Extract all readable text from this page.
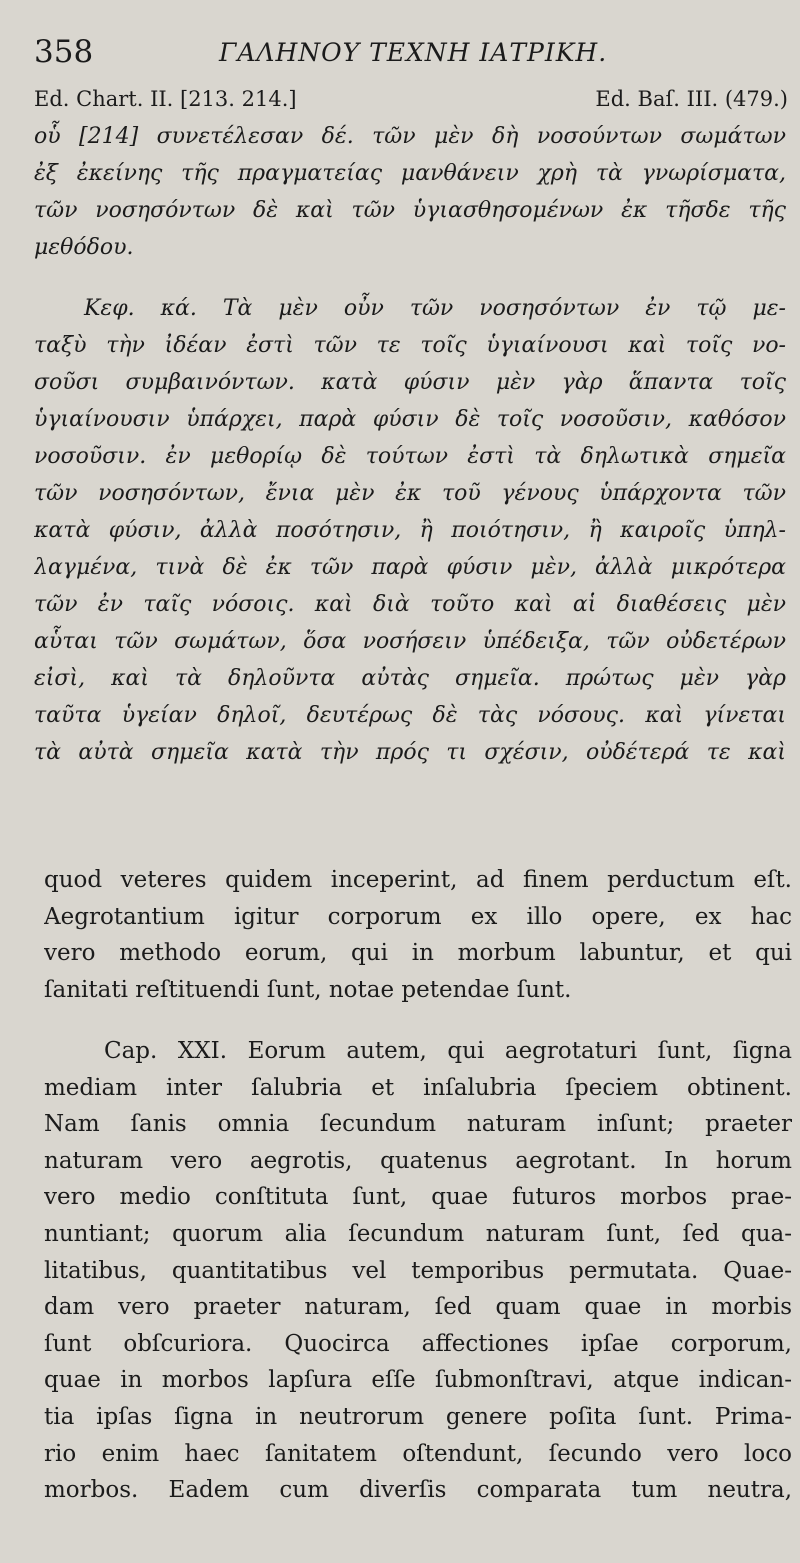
358	ΓΑΛΗΝΟΥ ΤΕΧΝΗ ΙΑΤΡΙΚΗ.
Ed. Chart. II. [213. 214.]	Ed. Baſ. III. (479.)
οὗ [214] συνετέλεσαν δέ. τῶν μὲν δὴ νοσούντων σωμάτων
ἐξ ἐκείνης τῆς πραγματείας μανθάνειν χρὴ τὰ γνωρίσματα,
τῶν νοσησόντων δὲ καὶ τῶν ὑγιασθησομένων ἐκ τῆσδε τῆς
μεθόδου.
Κεφ. κά. Τὰ μὲν οὖν τῶν νοσησόντων ἐν τῷ με-
ταξὺ τὴν ἰδέαν ἐστὶ τῶν τε τοῖς ὑγιαίνουσι καὶ τοῖς νο-
σοῦσι συμβαινόντων. κατὰ φύσιν μὲν γὰρ ἅπαντα τοῖς
ὑγιαίνουσιν ὑπάρχει, παρὰ φύσιν δὲ τοῖς νοσοῦσιν, καθόσον
νοσοῦσιν. ἐν μεθορίῳ δὲ τούτων ἐστὶ τὰ δηλωτικὰ σημεῖα
τῶν νοσησόντων, ἔνια μὲν ἐκ τοῦ γένους ὑπάρχοντα τῶν
κατὰ φύσιν, ἀλλὰ ποσότησιν, ἢ ποιότησιν, ἢ καιροῖς ὑπηλ-
λαγμένα, τινὰ δὲ ἐκ τῶν παρὰ φύσιν μὲν, ἀλλὰ μικρότερα
τῶν ἐν ταῖς νόσοις. καὶ διὰ τοῦτο καὶ αἱ διαθέσεις μὲν
αὗται τῶν σωμάτων, ὅσα νοσήσειν ὑπέδειξα, τῶν οὐδετέρων
εἰσὶ, καὶ τὰ δηλοῦντα αὐτὰς σημεῖα. πρώτως μὲν γὰρ
ταῦτα ὑγείαν δηλοῖ, δευτέρως δὲ τὰς νόσους. καὶ γίνεται
τὰ αὐτὰ σημεῖα κατὰ τὴν πρός τι σχέσιν, οὐδέτερά τε καὶ
quod veteres quidem inceperint, ad finem perductum eſt.
Aegrotantium igitur corporum ex illo opere, ex hac
vero methodo eorum, qui in morbum labuntur, et qui
ſanitati reſtituendi ſunt, notae petendae ſunt.
Cap. XXI. Eorum autem, qui aegrotaturi ſunt, ſigna
mediam inter ſalubria et inſalubria ſpeciem obtinent.
Nam ſanis omnia ſecundum naturam inſunt; praeter
naturam vero aegrotis, quatenus aegrotant. In horum
vero medio conſtituta ſunt, quae futuros morbos prae-
nuntiant; quorum alia ſecundum naturam ſunt, ſed qua-
litatibus, quantitatibus vel temporibus permutata. Quae-
dam vero praeter naturam, ſed quam quae in morbis
ſunt obſcuriora. Quocirca affectiones ipſae corporum,
quae in morbos lapſura eſſe ſubmonſtravi, atque indican-
tia ipſas ſigna in neutrorum genere poſita ſunt. Prima-
rio enim haec ſanitatem oſtendunt, ſecundo vero loco
morbos. Eadem cum diverſis comparata tum neutra,
